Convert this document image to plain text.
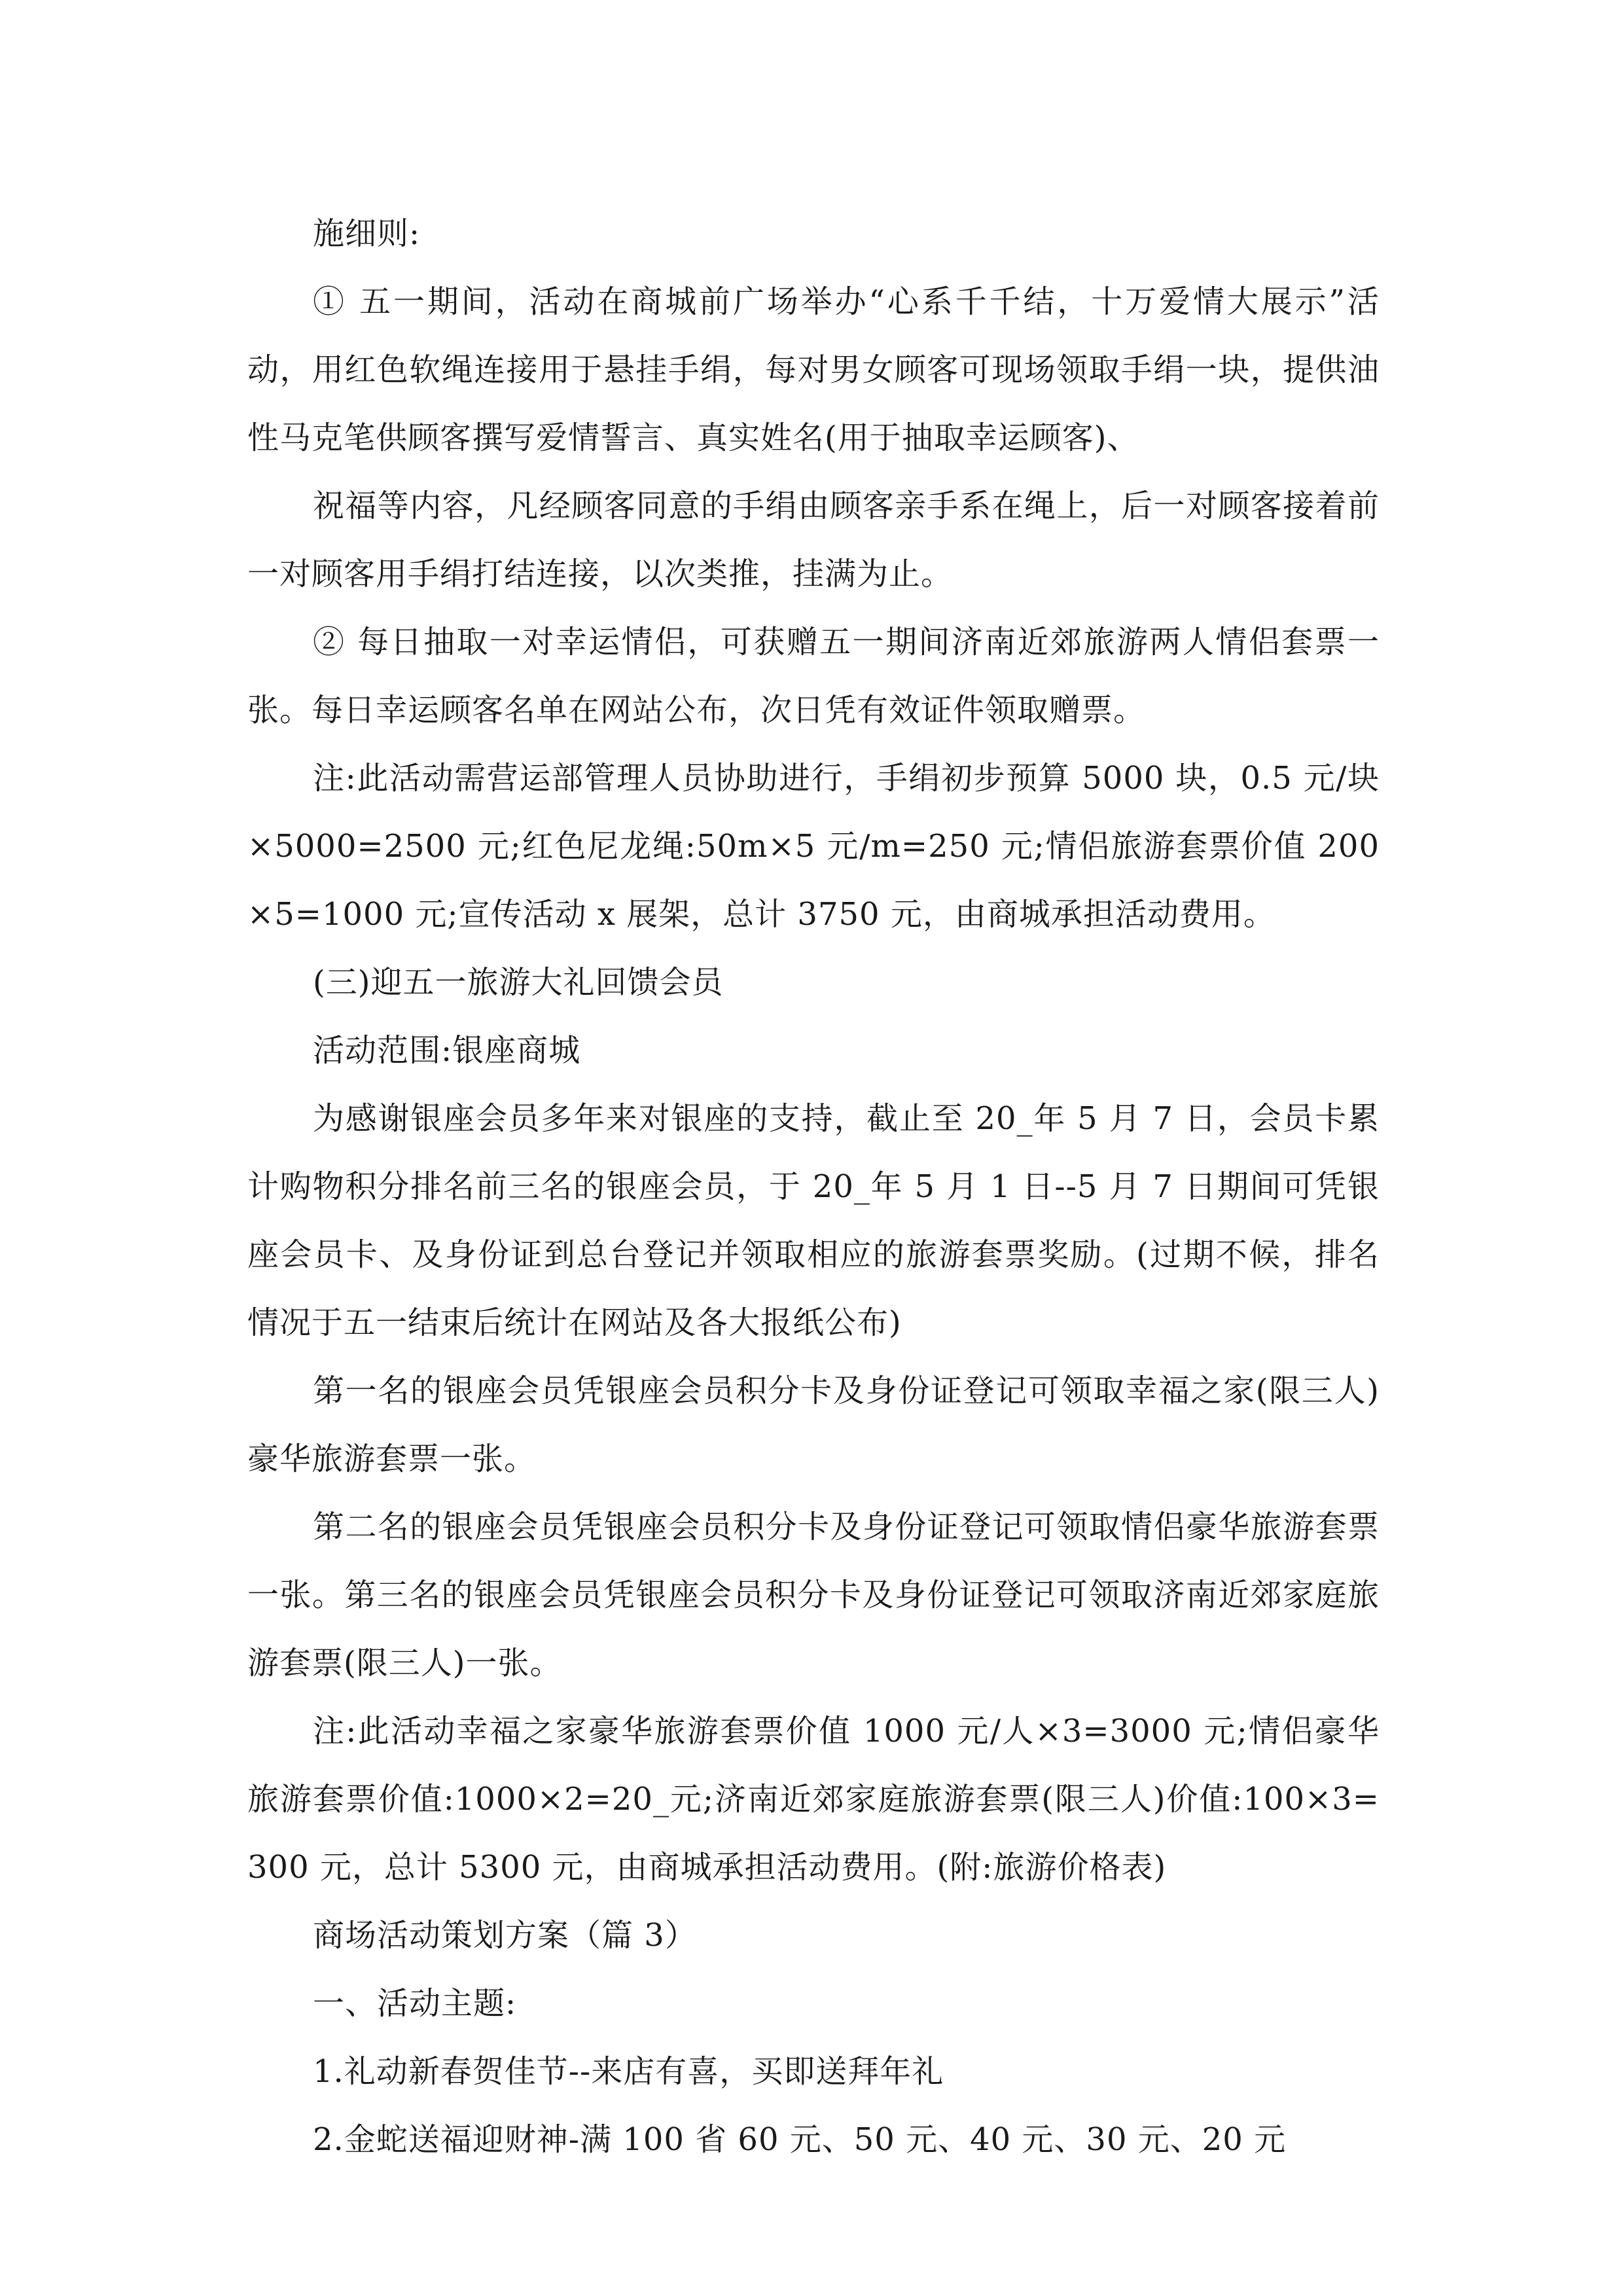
施细则:

① 五一期间，活动在商城前广场举办“心系千千结，十万爱情大展示”活动，用红色软绳连接用于悬挂手绢，每对男女顾客可现场领取手绢一块，提供油性马克笔供顾客撰写爱情誓言、真实姓名(用于抽取幸运顾客)、

祝福等内容，凡经顾客同意的手绢由顾客亲手系在绳上，后一对顾客接着前一对顾客用手绢打结连接，以次类推，挂满为止。

② 每日抽取一对幸运情侣，可获赠五一期间济南近郊旅游两人情侣套票一张。每日幸运顾客名单在网站公布，次日凭有效证件领取赠票。

注:此活动需营运部管理人员协助进行，手绢初步预算 5000 块，0.5 元/块×5000=2500 元;红色尼龙绳:50m×5 元/m=250 元;情侣旅游套票价值 200×5=1000 元;宣传活动 x 展架，总计 3750 元，由商城承担活动费用。

(三)迎五一旅游大礼回馈会员

活动范围:银座商城

为感谢银座会员多年来对银座的支持，截止至 20_年 5 月 7 日，会员卡累计购物积分排名前三名的银座会员，于 20_年 5 月 1 日--5 月 7 日期间可凭银座会员卡、及身份证到总台登记并领取相应的旅游套票奖励。(过期不候，排名情况于五一结束后统计在网站及各大报纸公布)

第一名的银座会员凭银座会员积分卡及身份证登记可领取幸福之家(限三人)豪华旅游套票一张。

第二名的银座会员凭银座会员积分卡及身份证登记可领取情侣豪华旅游套票一张。第三名的银座会员凭银座会员积分卡及身份证登记可领取济南近郊家庭旅游套票(限三人)一张。

注:此活动幸福之家豪华旅游套票价值 1000 元/人×3=3000 元;情侣豪华旅游套票价值:1000×2=20_元;济南近郊家庭旅游套票(限三人)价值:100×3=300 元，总计 5300 元，由商城承担活动费用。(附:旅游价格表)

商场活动策划方案（篇 3）

一、活动主题:

1.礼动新春贺佳节--来店有喜，买即送拜年礼

2.金蛇送福迎财神-满 100 省 60 元、50 元、40 元、30 元、20 元
